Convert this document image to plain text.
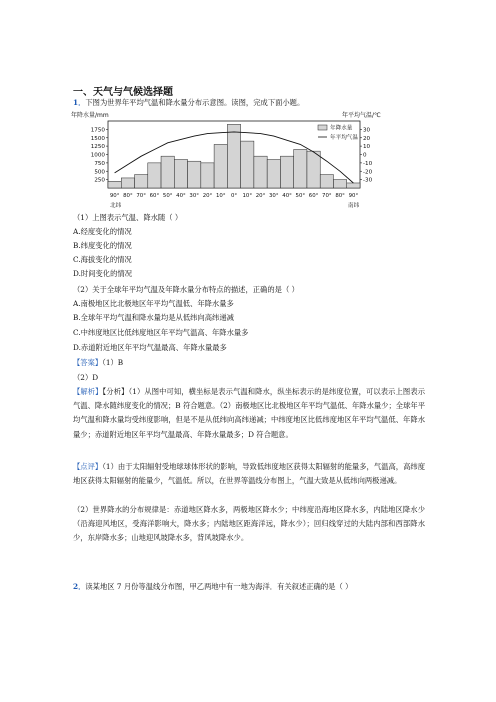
一、天气与气候选择题
1．下图为世界年平均气温和降水量分布示意图。读图，完成下面小题。
年降水量/mm	年平均气温/℃
250
500
750
1000
1250
1500
1750
-30
-20
-10
0
10
20
30
90° 80° 70° 60° 50° 40° 30° 20° 10° 0° 10° 20° 30° 40° 50° 60° 70° 80° 90°
北纬	南纬
年降水量
年平均气温
（1）上图表示气温、降水随（ ）
A.经度变化的情况
B.纬度变化的情况
C.海拔变化的情况
D.时间变化的情况
（2）关于全球年平均气温及年降水量分布特点的描述，正确的是（ ）
A.南极地区比北极地区年平均气温低、年降水量多
B.全球年平均气温和降水量均是从低纬向高纬递减
C.中纬度地区比低纬度地区年平均气温高、年降水量多
D.赤道附近地区年平均气温最高、年降水量最多
【答案】（1）B
（2）D
【解析】【分析】（1）从图中可知，横坐标是表示气温和降水，纵坐标表示的是纬度位置，可以表示上图表示气温、降水随纬度变化的情况；B 符合题意。（2）南极地区比北极地区年平均气温低、年降水量少；全球年平均气温和降水量均受纬度影响，但是不是从低纬向高纬递减；中纬度地区比低纬度地区年平均气温低、年降水量少；赤道附近地区年平均气温最高、年降水量最多；D 符合题意。
【点评】（1）由于太阳辐射受地球球体形状的影响，导致低纬度地区获得太阳辐射的能量多，气温高，高纬度地区获得太阳辐射的能量少，气温低。所以，在世界等温线分布图上，气温大致是从低纬向两极递减。
（2）世界降水的分布规律是：赤道地区降水多，两极地区降水少；中纬度沿海地区降水多，内陆地区降水少（沿海迎风地区，受海洋影响大，降水多；内陆地区距海洋远，降水少）；回归线穿过的大陆内部和西部降水少，东岸降水多；山地迎风坡降水多，背风坡降水少。
2．读某地区 7 月份等温线分布图，甲乙两地中有一地为海洋．有关叙述正确的是（ ）
